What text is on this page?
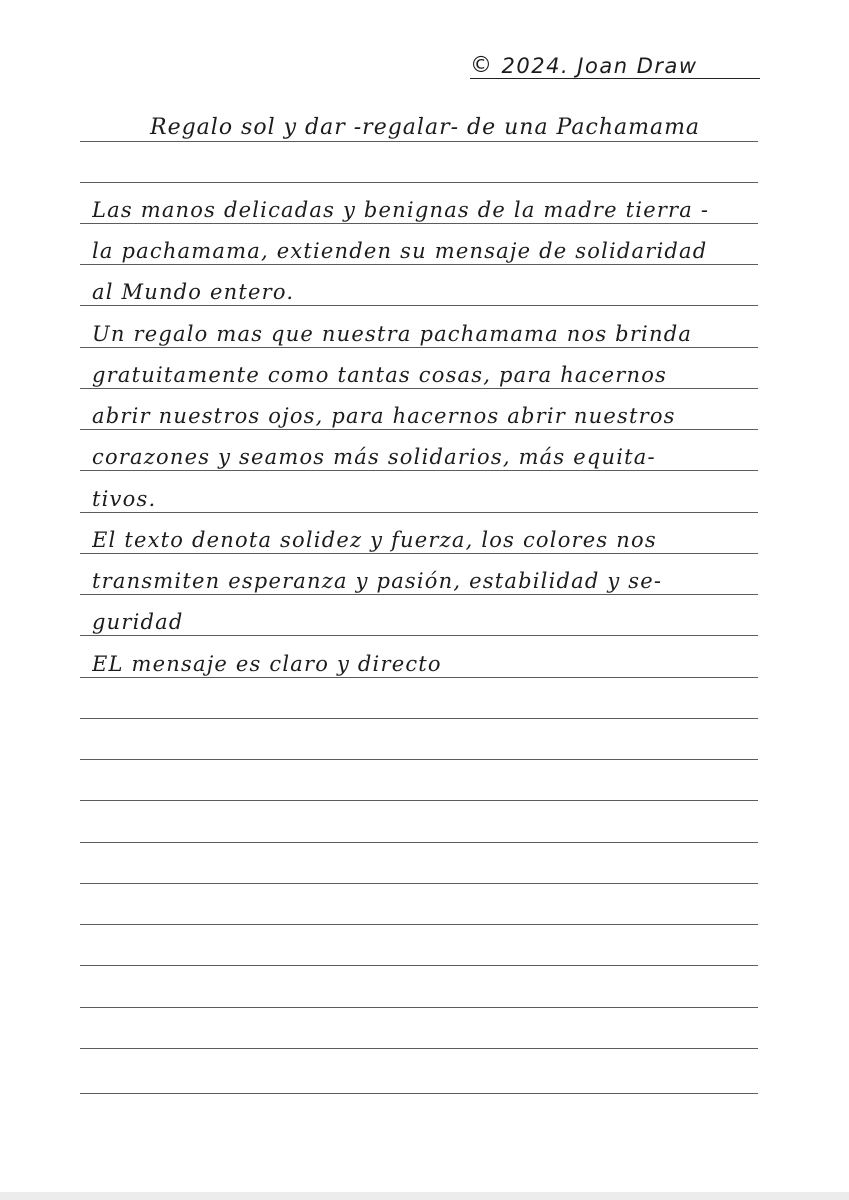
© 2024. Joan Draw
Regalo sol y dar -regalar- de una Pachamama
Las manos delicadas y benignas de la madre tierra -
la pachamama, extienden su mensaje de solidaridad
al Mundo entero.
Un regalo mas que nuestra pachamama nos brinda
gratuitamente como tantas cosas, para hacernos
abrir nuestros ojos, para hacernos abrir nuestros
corazones y seamos más solidarios, más equita-
tivos.
El texto denota solidez y fuerza, los colores nos
transmiten esperanza y pasión, estabilidad y se-
guridad
EL mensaje es claro y directo
